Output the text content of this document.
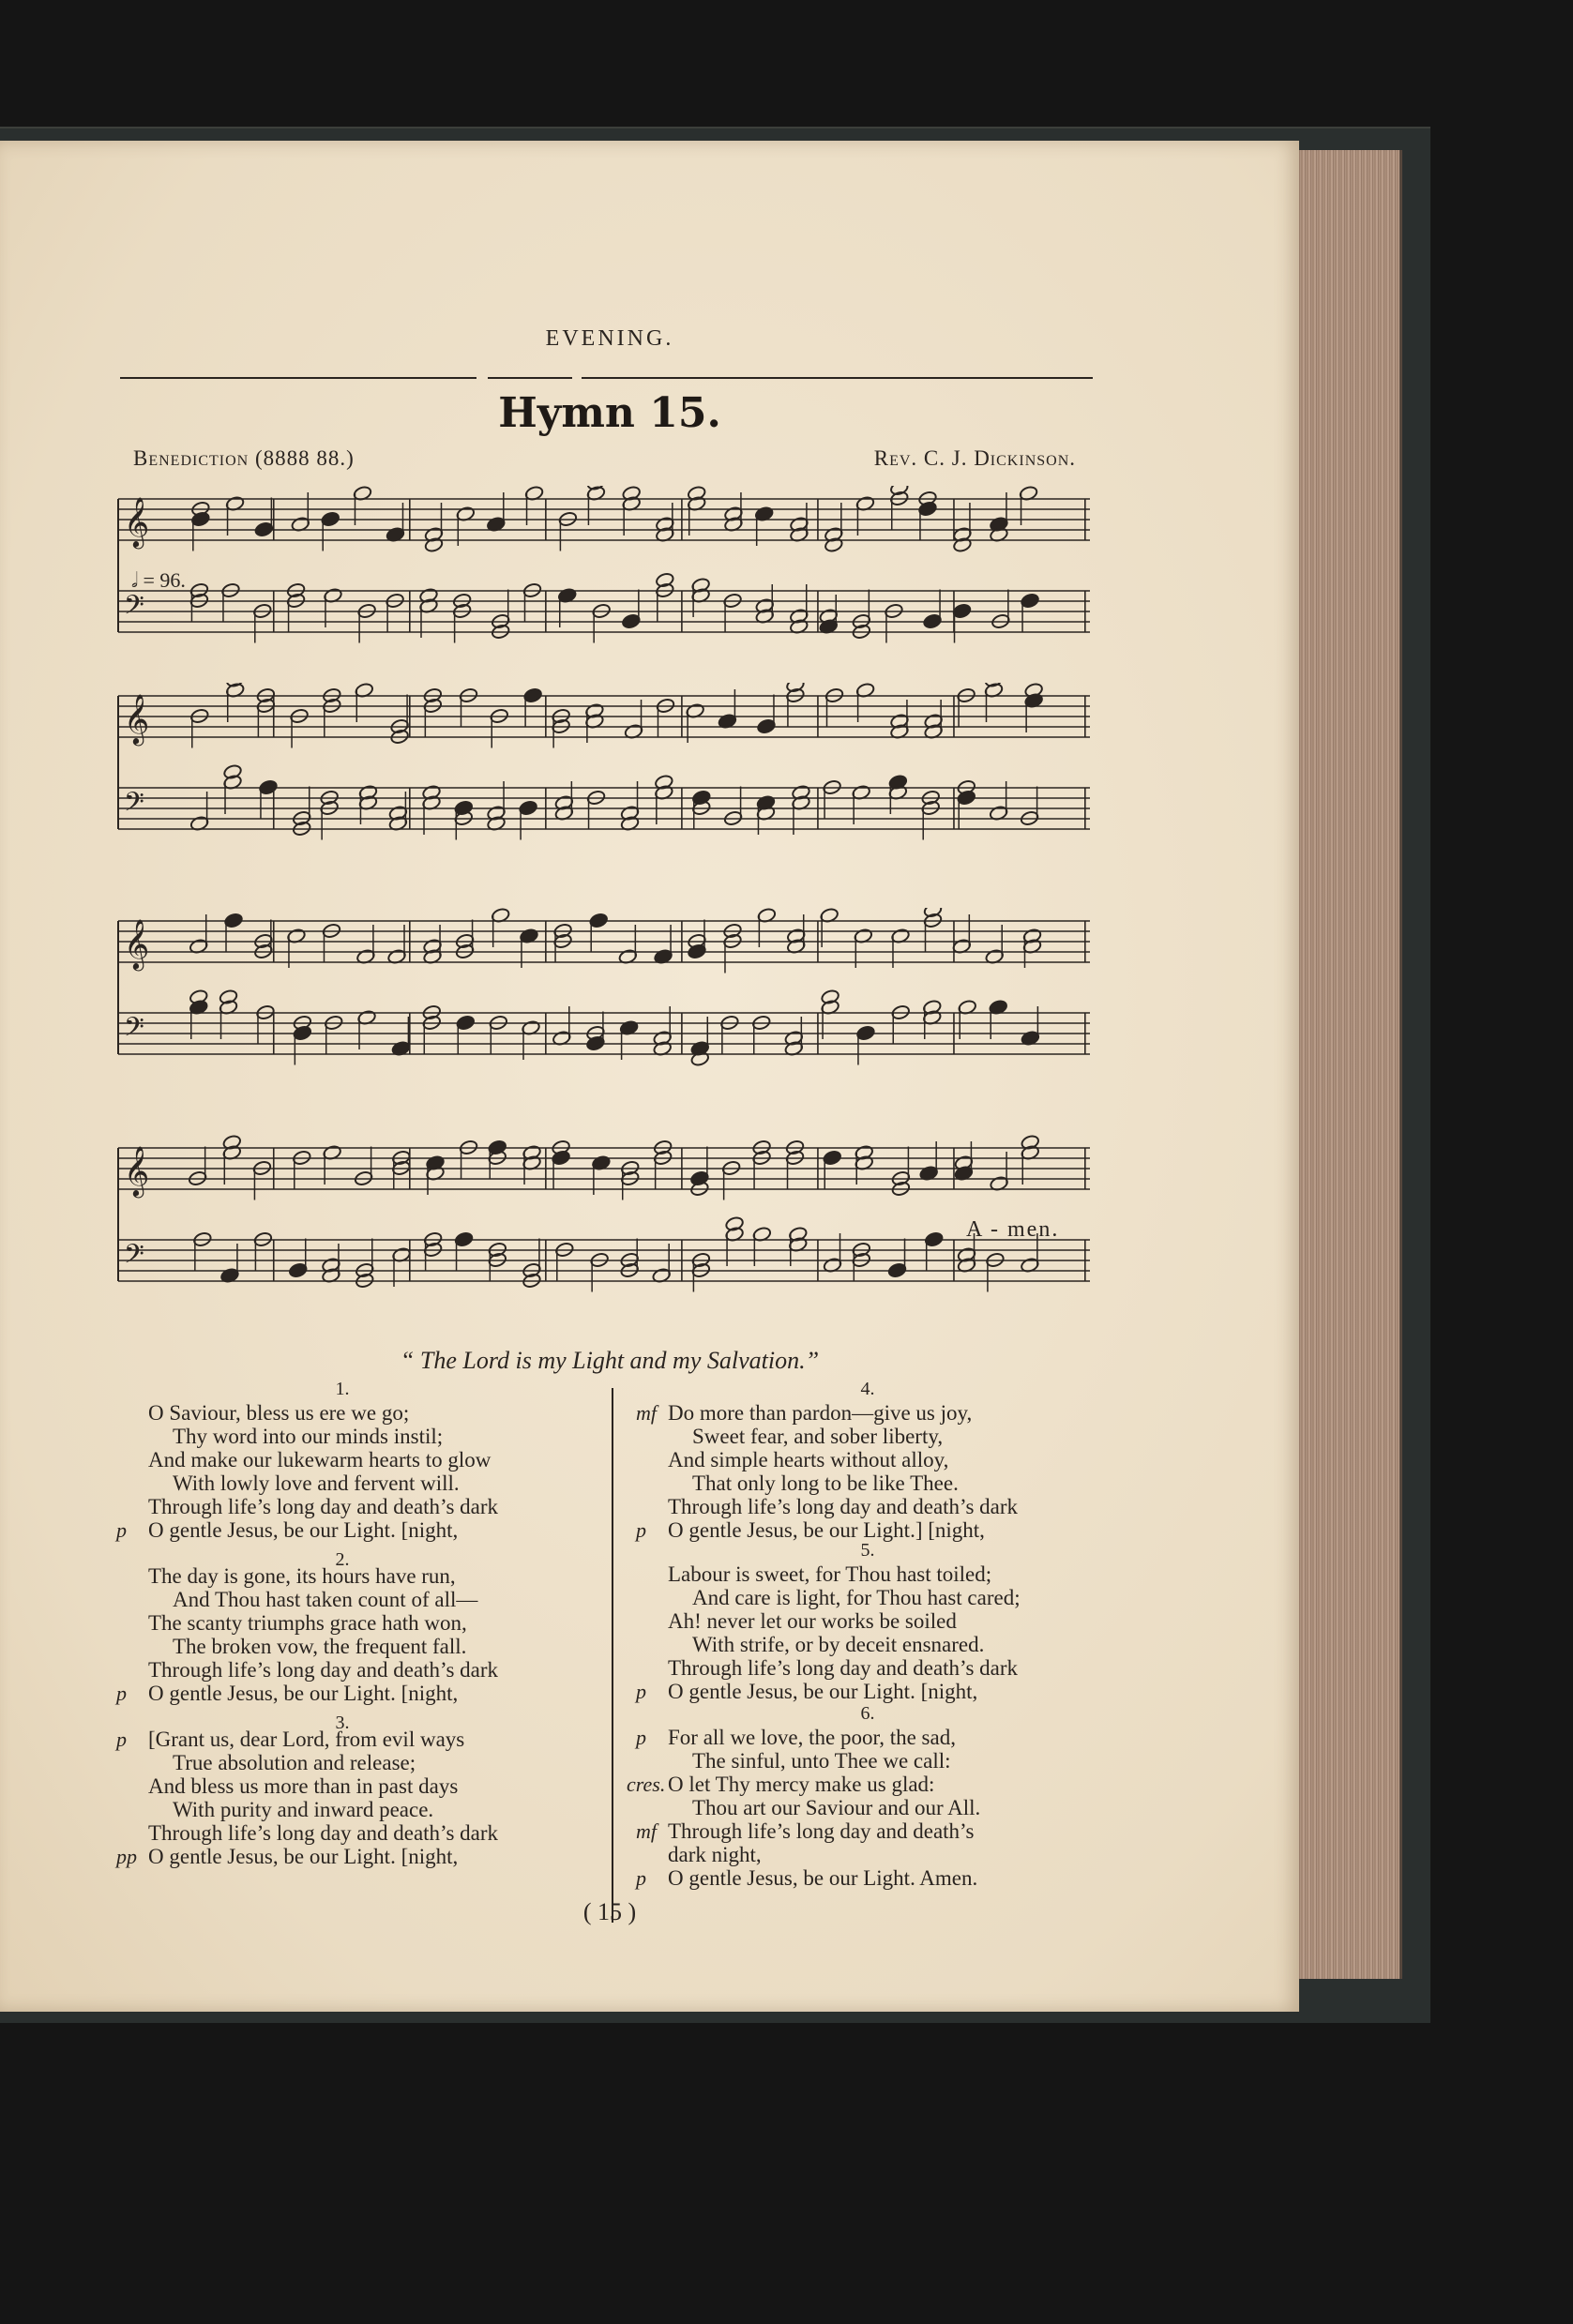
EVENING.
Hymn 15.
Benediction (8888 88.)	Rev. C. J. Dickinson.
𝄞
𝄢
𝅗𝅥 = 96.
𝄞
𝄢
𝄞
𝄢
𝄞
𝄢
A - men.
“ The Lord is my Light and my Salvation.”
1.
O Saviour, bless us ere we go;
Thy word into our minds instil;
And make our lukewarm hearts to glow
With lowly love and fervent will.
Through life’s long day and death’s dark
p O gentle Jesus, be our Light. [night,
2.
The day is gone, its hours have run,
And Thou hast taken count of all—
The scanty triumphs grace hath won,
The broken vow, the frequent fall.
Through life’s long day and death’s dark
p O gentle Jesus, be our Light. [night,
3.
p [Grant us, dear Lord, from evil ways
True absolution and release;
And bless us more than in past days
With purity and inward peace.
Through life’s long day and death’s dark
pp O gentle Jesus, be our Light. [night,
4.
mf Do more than pardon—give us joy,
Sweet fear, and sober liberty,
And simple hearts without alloy,
That only long to be like Thee.
Through life’s long day and death’s dark
p O gentle Jesus, be our Light.] [night,
5.
Labour is sweet, for Thou hast toiled;
And care is light, for Thou hast cared;
Ah! never let our works be soiled
With strife, or by deceit ensnared.
Through life’s long day and death’s dark
p O gentle Jesus, be our Light. [night,
6.
p For all we love, the poor, the sad,
The sinful, unto Thee we call:
cres. O let Thy mercy make us glad:
Thou art our Saviour and our All.
mf Through life’s long day and death’s
dark night,
p O gentle Jesus, be our Light. Amen.
( 15 )
